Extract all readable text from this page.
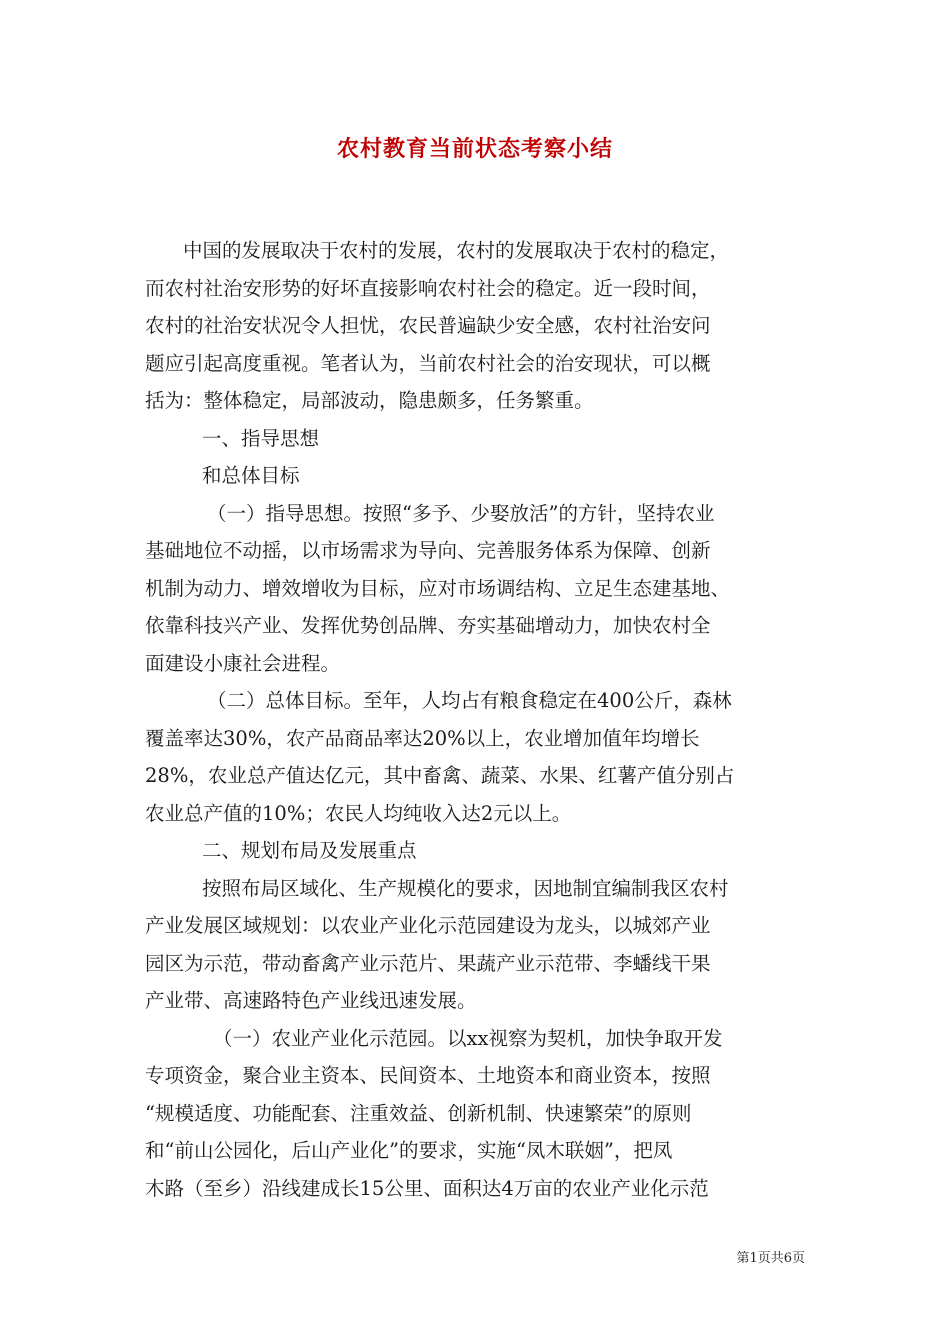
农村教育当前状态考察小结
中国的发展取决于农村的发展，农村的发展取决于农村的稳定，
而农村社治安形势的好坏直接影响农村社会的稳定。近一段时间，
农村的社治安状况令人担忧，农民普遍缺少安全感，农村社治安问
题应引起高度重视。笔者认为，当前农村社会的治安现状，可以概
括为：整体稳定，局部波动，隐患颇多，任务繁重。
一、指导思想
和总体目标
（一）指导思想。按照“多予、少娶放活”的方针，坚持农业
基础地位不动摇，以市场需求为导向、完善服务体系为保障、创新
机制为动力、增效增收为目标，应对市场调结构、立足生态建基地、
依靠科技兴产业、发挥优势创品牌、夯实基础增动力，加快农村全
面建设小康社会进程。
（二）总体目标。至年，人均占有粮食稳定在400公斤，森林
覆盖率达30%，农产品商品率达20%以上，农业增加值年均增长
28%，农业总产值达亿元，其中畜禽、蔬菜、水果、红薯产值分别占
农业总产值的10%；农民人均纯收入达2元以上。
二、规划布局及发展重点
按照布局区域化、生产规模化的要求，因地制宜编制我区农村
产业发展区域规划：以农业产业化示范园建设为龙头，以城郊产业
园区为示范，带动畜禽产业示范片、果蔬产业示范带、李蟠线干果
产业带、高速路特色产业线迅速发展。
（一）农业产业化示范园。以xx视察为契机，加快争取开发
专项资金，聚合业主资本、民间资本、土地资本和商业资本，按照
“规模适度、功能配套、注重效益、创新机制、快速繁荣”的原则
和“前山公园化，后山产业化”的要求，实施“凤木联姻”，把凤
木路（至乡）沿线建成长15公里、面积达4万亩的农业产业化示范
第1页共6页
